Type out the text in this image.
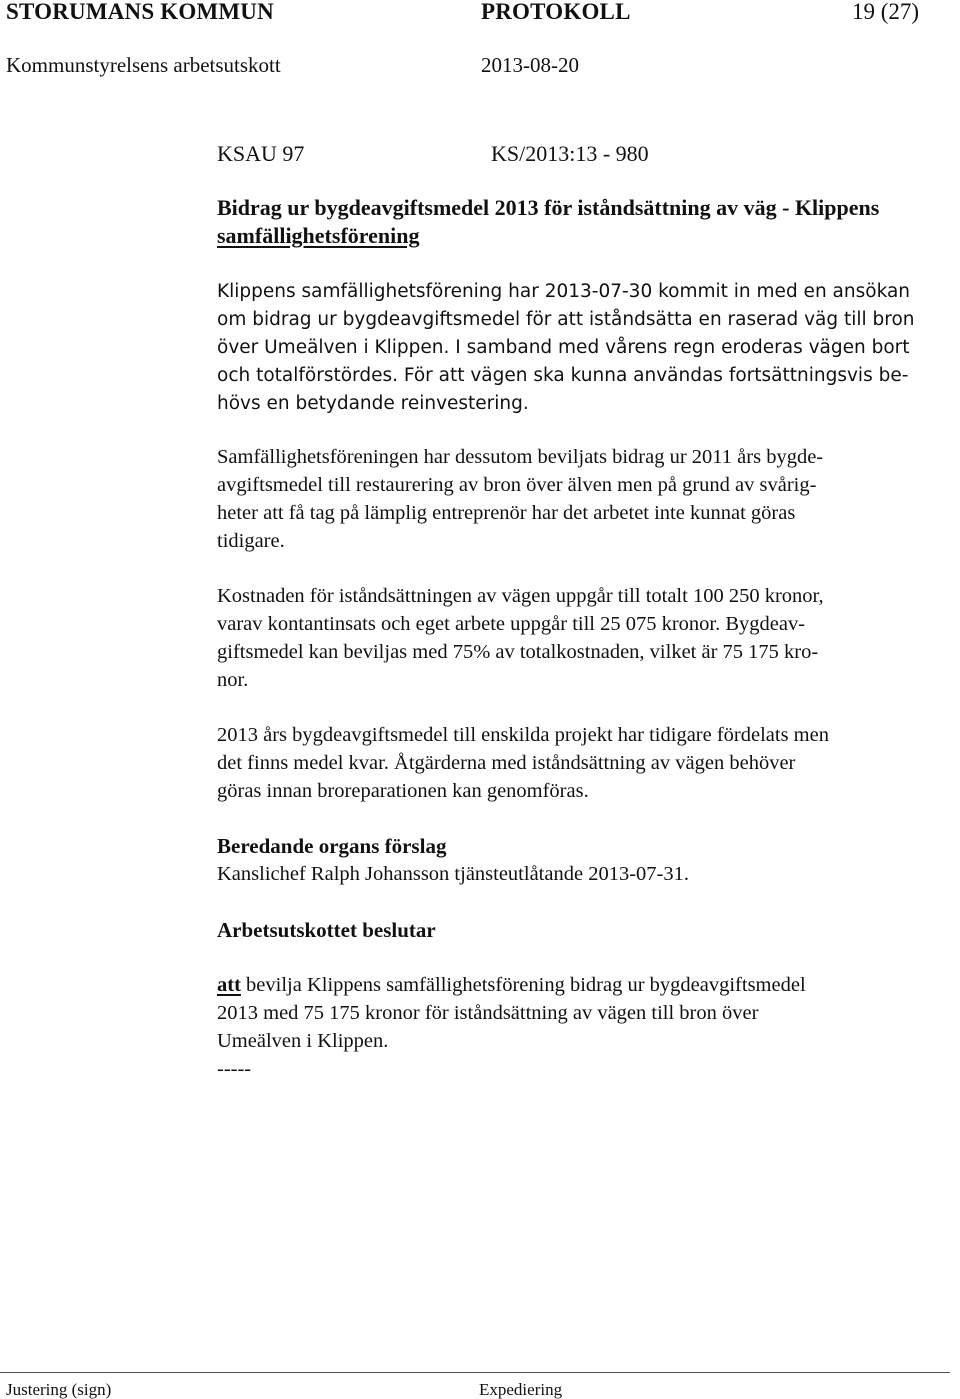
STORUMANS KOMMUN	PROTOKOLL	19 (27)
Kommunstyrelsens arbetsutskott	2013-08-20
KSAU 97	KS/2013:13 - 980
Bidrag ur bygdeavgiftsmedel 2013 för iståndsättning av väg - Klippens
samfällighetsförening

Klippens samfällighetsförening har 2013-07-30 kommit in med en ansökan

om bidrag ur bygdeavgiftsmedel för att iståndsätta en raserad väg till bron

över Umeälven i Klippen. I samband med vårens regn eroderas vägen bort

och totalförstördes. För att vägen ska kunna användas fortsättningsvis be-

hövs en betydande reinvestering.

Samfällighetsföreningen har dessutom beviljats bidrag ur 2011 års bygde-

avgiftsmedel till restaurering av bron över älven men på grund av svårig-

heter att få tag på lämplig entreprenör har det arbetet inte kunnat göras

tidigare.

Kostnaden för iståndsättningen av vägen uppgår till totalt 100 250 kronor,

varav kontantinsats och eget arbete uppgår till 25 075 kronor. Bygdeav-

giftsmedel kan beviljas med 75% av totalkostnaden, vilket är 75 175 kro-

nor.

2013 års bygdeavgiftsmedel till enskilda projekt har tidigare fördelats men

det finns medel kvar. Åtgärderna med iståndsättning av vägen behöver

göras innan broreparationen kan genomföras.

Beredande organs förslag
Kanslichef Ralph Johansson tjänsteutlåtande 2013-07-31.
Arbetsutskottet beslutar

att bevilja Klippens samfällighetsförening bidrag ur bygdeavgiftsmedel

2013 med 75 175 kronor för iståndsättning av vägen till bron över

Umeälven i Klippen.

-----

Justering (sign)	Expediering
